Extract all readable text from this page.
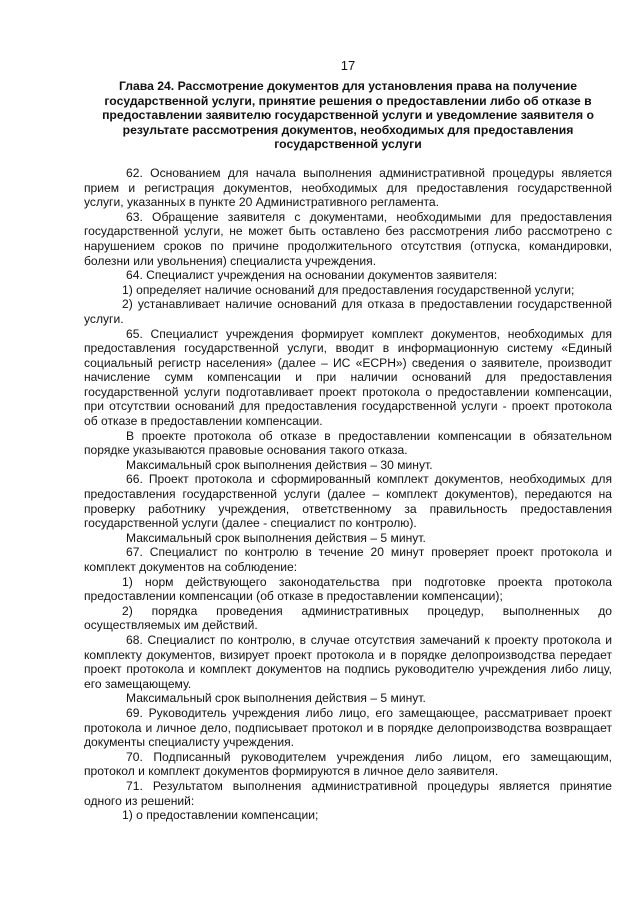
17
Глава 24. Рассмотрение документов для установления права на получение государственной услуги, принятие решения о предоставлении либо об отказе в предоставлении заявителю государственной услуги и уведомление заявителя о результате рассмотрения документов, необходимых для предоставления государственной услуги

62. Основанием для начала выполнения административной процедуры является прием и регистрация документов, необходимых для предоставления государственной услуги, указанных в пункте 20 Административного регламента.

63. Обращение заявителя с документами, необходимыми для предоставления государственной услуги, не может быть оставлено без рассмотрения либо рассмотрено с нарушением сроков по причине продолжительного отсутствия (отпуска, командировки, болезни или увольнения) специалиста учреждения.

64. Специалист учреждения на основании документов заявителя:

1) определяет наличие оснований для предоставления государственной услуги;

2) устанавливает наличие оснований для отказа в предоставлении государственной услуги.

65. Специалист учреждения формирует комплект документов, необходимых для предоставления государственной услуги, вводит в информационную систему «Единый социальный регистр населения» (далее – ИС «ЕСРН») сведения о заявителе, производит начисление сумм компенсации и при наличии оснований для предоставления государственной услуги подготавливает проект протокола о предоставлении компенсации, при отсутствии оснований для предоставления государственной услуги - проект протокола об отказе в предоставлении компенсации.

В проекте протокола об отказе в предоставлении компенсации в обязательном порядке указываются правовые основания такого отказа.

Максимальный срок выполнения действия – 30 минут.

66. Проект протокола и сформированный комплект документов, необходимых для предоставления государственной услуги (далее – комплект документов), передаются на проверку работнику учреждения, ответственному за правильность предоставления государственной услуги (далее - специалист по контролю).

Максимальный срок выполнения действия – 5 минут.

67. Специалист по контролю в течение 20 минут проверяет проект протокола и комплект документов на соблюдение:

1) норм действующего законодательства при подготовке проекта протокола предоставлении компенсации (об отказе в предоставлении компенсации);

2) порядка проведения административных процедур, выполненных до осуществляемых им действий.

68. Специалист по контролю, в случае отсутствия замечаний к проекту протокола и комплекту документов, визирует проект протокола и в порядке делопроизводства передает проект протокола и комплект документов на подпись руководителю учреждения либо лицу, его замещающему.

Максимальный срок выполнения действия – 5 минут.

69. Руководитель учреждения либо лицо, его замещающее, рассматривает проект протокола и личное дело, подписывает протокол и в порядке делопроизводства возвращает документы специалисту учреждения.

70. Подписанный руководителем учреждения либо лицом, его замещающим, протокол и комплект документов формируются в личное дело заявителя.

71. Результатом выполнения административной процедуры является принятие одного из решений:

1) о предоставлении компенсации;
